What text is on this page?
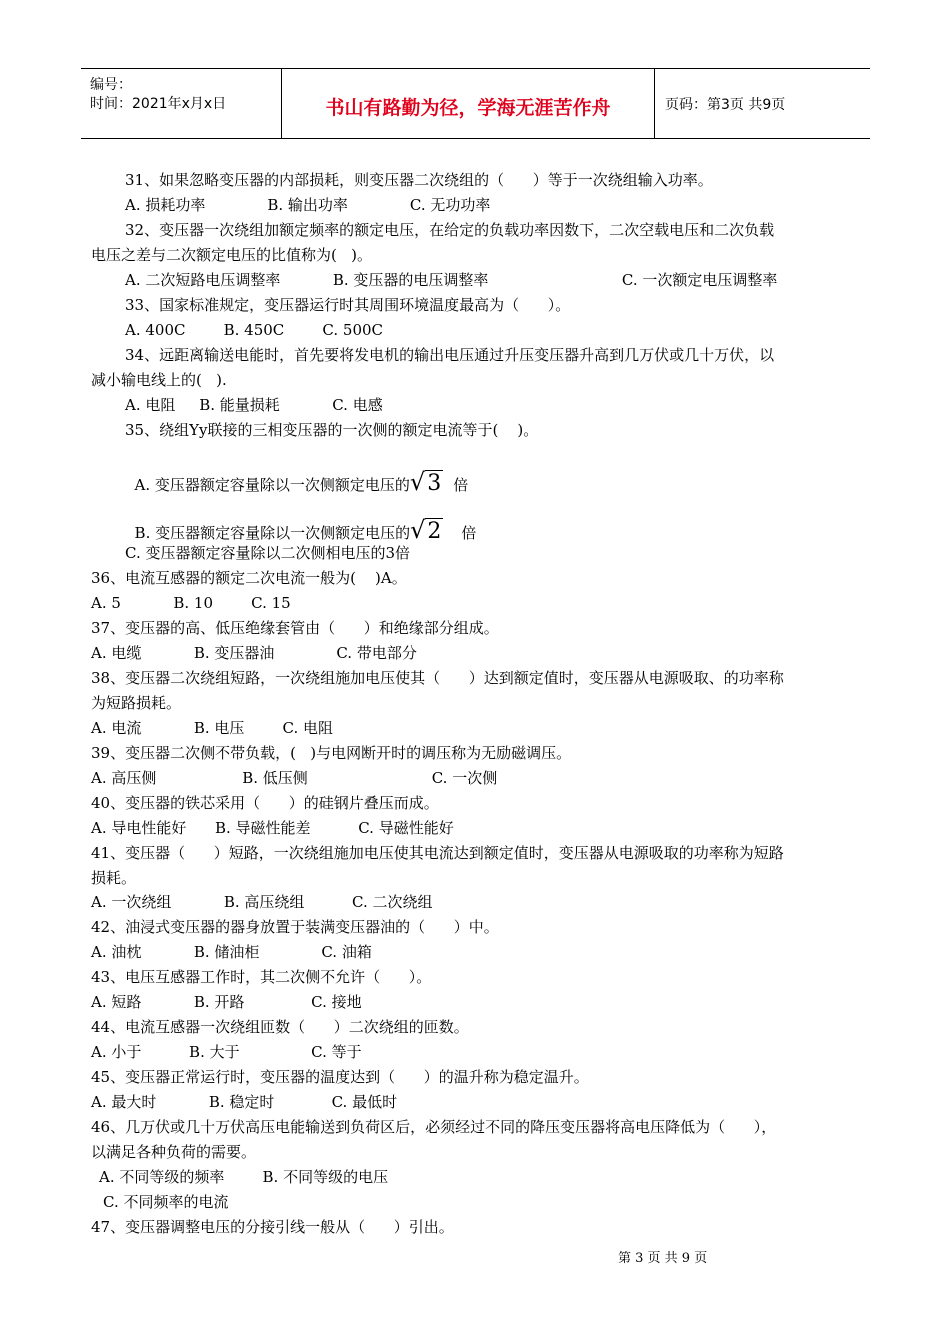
编号：
时间：2021年x月x日	书山有路勤为径，学海无涯苦作舟	页码：第3页 共9页
31、如果忽略变压器的内部损耗，则变压器二次绕组的（      ）等于一次绕组输入功率。
A. 损耗功率             B. 输出功率             C. 无功功率
32、变压器一次绕组加额定频率的额定电压，在给定的负载功率因数下，二次空载电压和二次负载
电压之差与二次额定电压的比值称为(   )。
A. 二次短路电压调整率           B. 变压器的电压调整率                            C. 一次额定电压调整率
33、国家标准规定，变压器运行时其周围环境温度最高为（      ）。
A. 400C        B. 450C        C. 500C
34、远距离输送电能时，首先要将发电机的输出电压通过升压变压器升高到几万伏或几十万伏，以
减小输电线上的(   ).
A. 电阻     B. 能量损耗           C. 电感
35、绕组Yy联接的三相变压器的一次侧的额定电流等于(    )。

A. 变压器额定容量除以一次侧额定电压的√3 倍

B. 变压器额定容量除以一次侧额定电压的√2 倍

C. 变压器额定容量除以二次侧相电压的3倍
36、电流互感器的额定二次电流一般为(    )A。
A. 5           B. 10        C. 15
37、变压器的高、低压绝缘套管由（      ）和绝缘部分组成。
A. 电缆           B. 变压器油             C. 带电部分
38、变压器二次绕组短路，一次绕组施加电压使其（      ）达到额定值时，变压器从电源吸取、的功率称
为短路损耗。
A. 电流           B. 电压        C. 电阻
39、变压器二次侧不带负载，(   )与电网断开时的调压称为无励磁调压。
A. 高压侧                  B. 低压侧                          C. 一次侧
40、变压器的铁芯采用（      ）的硅钢片叠压而成。
A. 导电性能好      B. 导磁性能差          C. 导磁性能好
41、变压器（      ）短路，一次绕组施加电压使其电流达到额定值时，变压器从电源吸取的功率称为短路
损耗。
A. 一次绕组           B. 高压绕组          C. 二次绕组
42、油浸式变压器的器身放置于装满变压器油的（      ）中。
A. 油枕           B. 储油柜             C. 油箱
43、电压互感器工作时，其二次侧不允许（      ）。
A. 短路           B. 开路              C. 接地
44、电流互感器一次绕组匝数（      ）二次绕组的匝数。
A. 小于          B. 大于               C. 等于
45、变压器正常运行时，变压器的温度达到（      ）的温升称为稳定温升。
A. 最大时           B. 稳定时            C. 最低时
46、几万伏或几十万伏高压电能输送到负荷区后，必须经过不同的降压变压器将高电压降低为（      ），
以满足各种负荷的需要。
A. 不同等级的频率        B. 不同等级的电压
C. 不同频率的电流
47、变压器调整电压的分接引线一般从（      ）引出。
第 3 页 共 9 页
